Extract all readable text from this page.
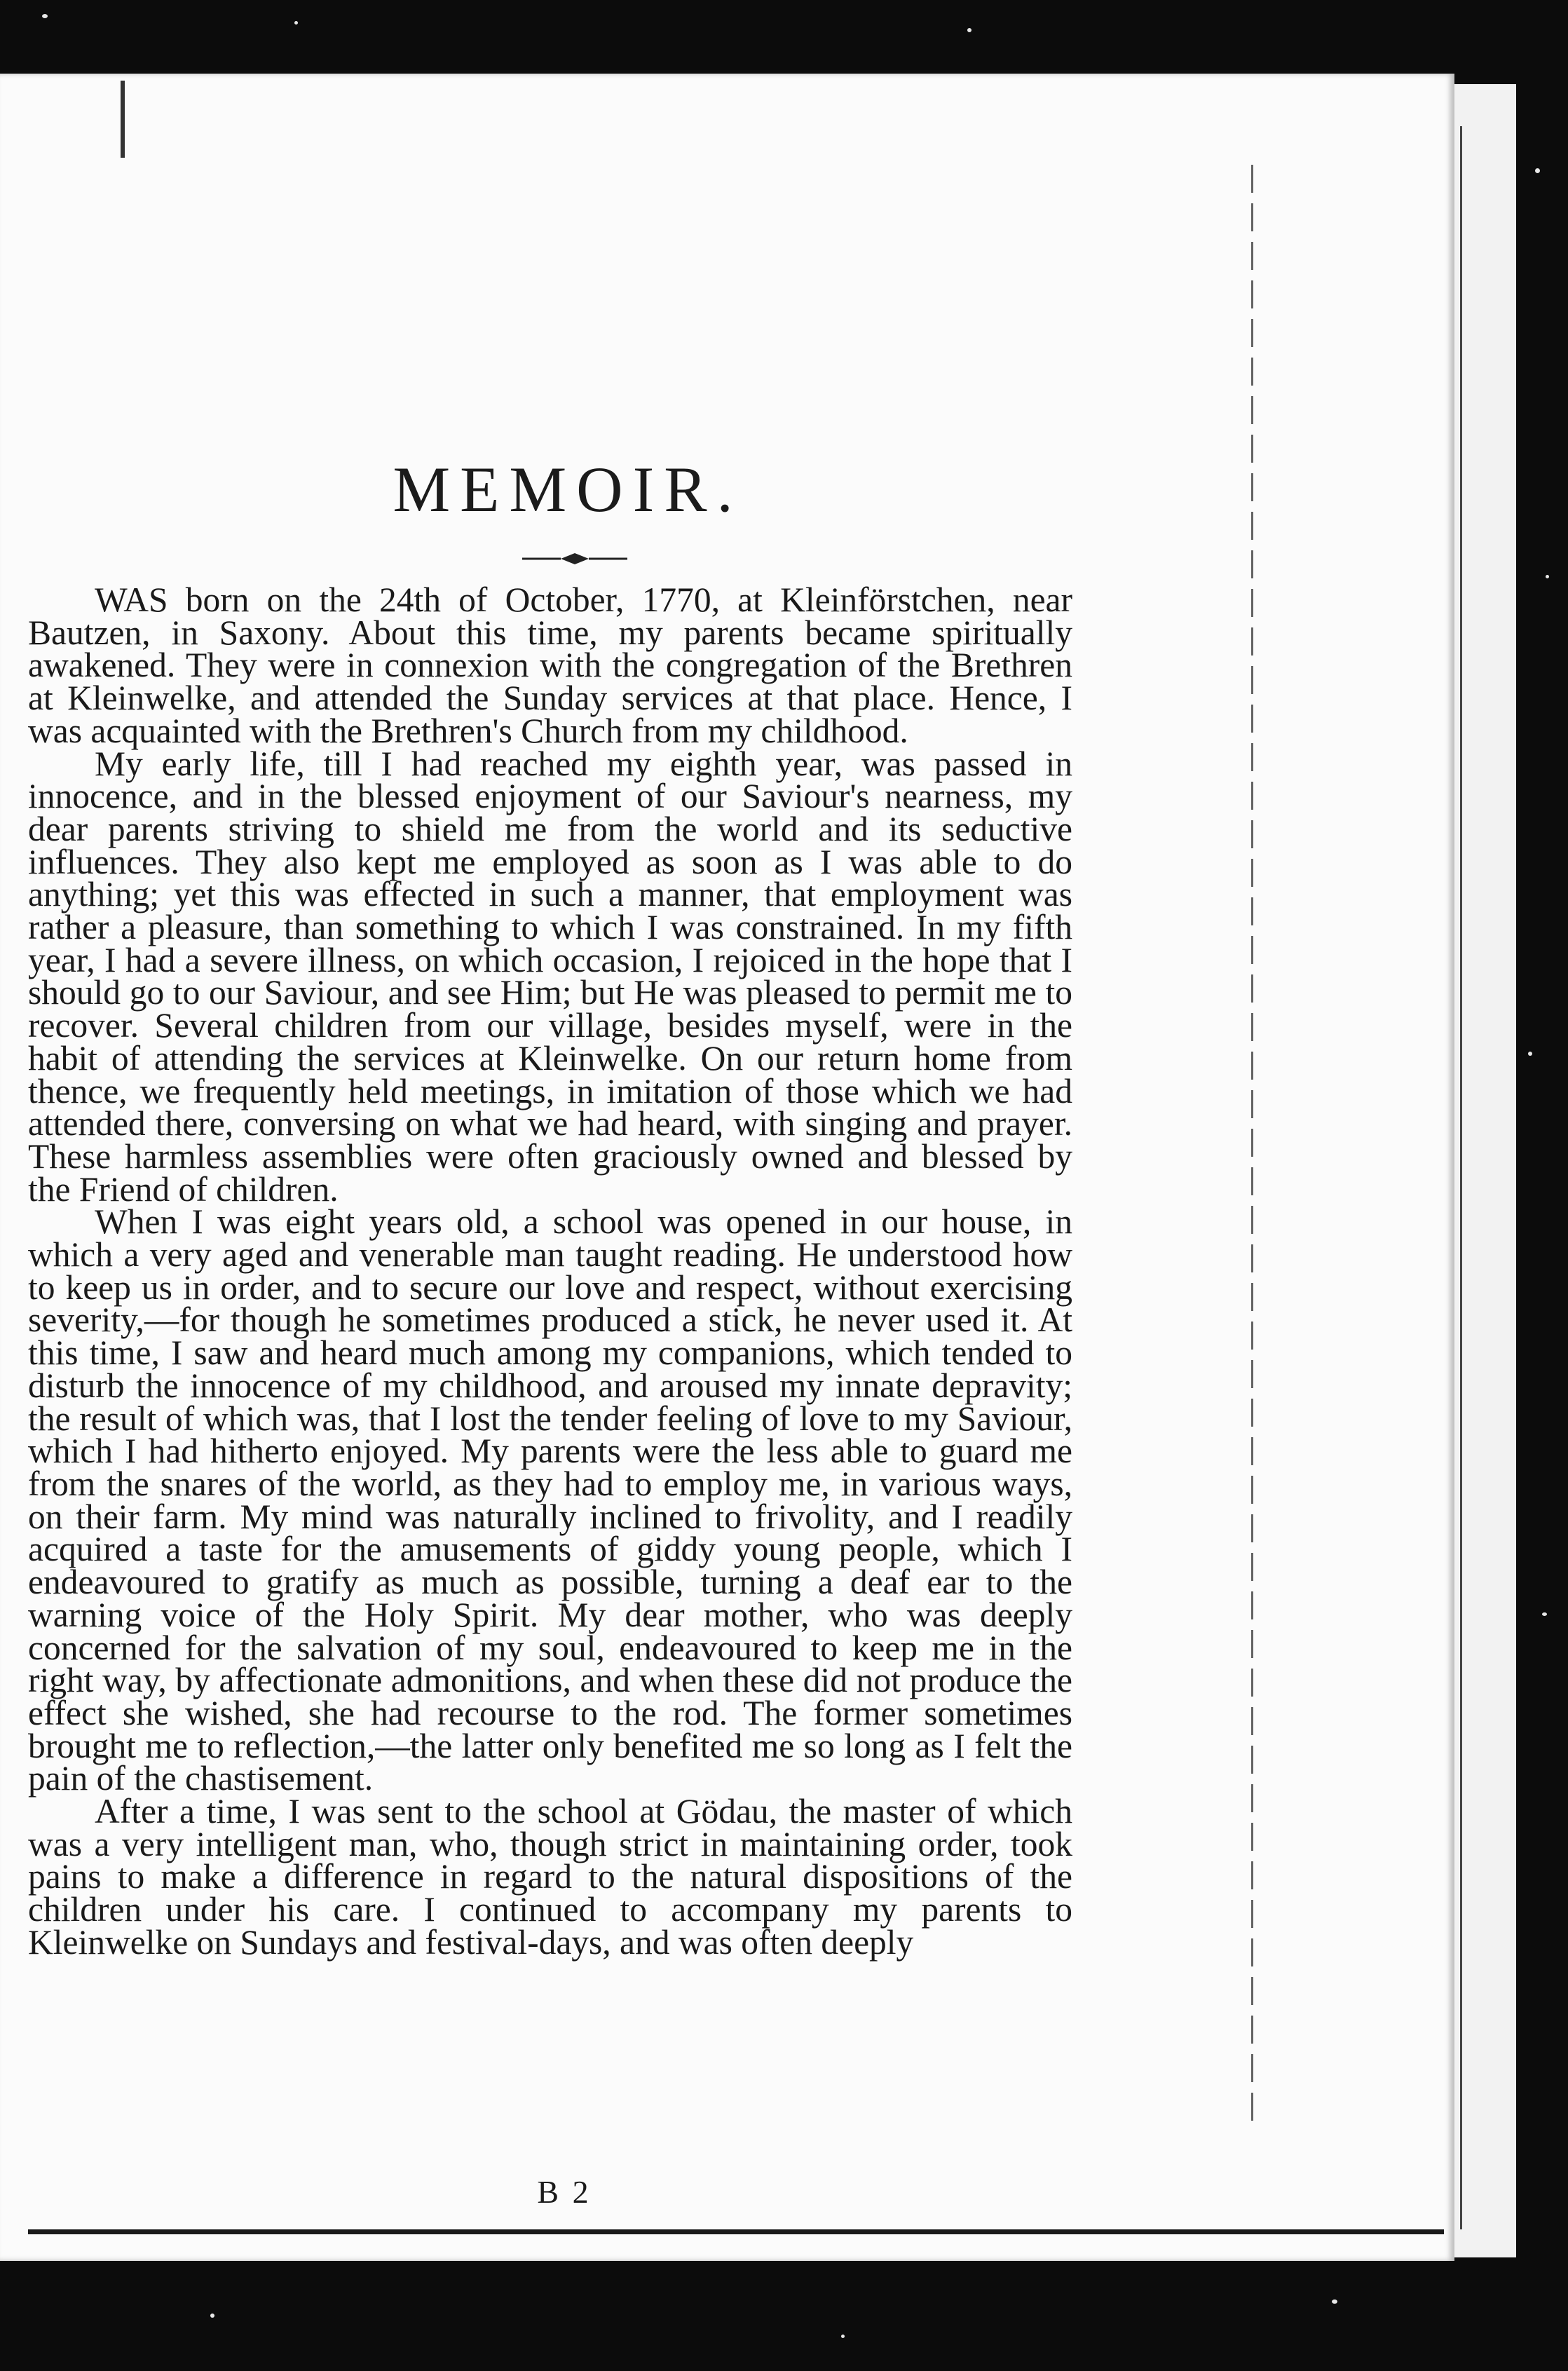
MEMOIR.

WAS born on the 24th of October, 1770, at Kleinförstchen, near Bautzen, in Saxony. About this time, my parents became spiritually awakened. They were in connexion with the congregation of the Brethren at Kleinwelke, and attended the Sunday services at that place. Hence, I was acquainted with the Brethren's Church from my childhood.

My early life, till I had reached my eighth year, was passed in innocence, and in the blessed enjoyment of our Saviour's nearness, my dear parents striving to shield me from the world and its seductive influences. They also kept me employed as soon as I was able to do anything; yet this was effected in such a manner, that employment was rather a pleasure, than something to which I was constrained. In my fifth year, I had a severe illness, on which occasion, I rejoiced in the hope that I should go to our Saviour, and see Him; but He was pleased to permit me to recover. Several children from our village, besides myself, were in the habit of attending the services at Kleinwelke. On our return home from thence, we frequently held meetings, in imitation of those which we had attended there, conversing on what we had heard, with singing and prayer. These harmless assemblies were often graciously owned and blessed by the Friend of children.

When I was eight years old, a school was opened in our house, in which a very aged and venerable man taught reading. He understood how to keep us in order, and to secure our love and respect, without exercising severity,—for though he sometimes produced a stick, he never used it. At this time, I saw and heard much among my companions, which tended to disturb the innocence of my childhood, and aroused my innate depravity; the result of which was, that I lost the tender feeling of love to my Saviour, which I had hitherto enjoyed. My parents were the less able to guard me from the snares of the world, as they had to employ me, in various ways, on their farm. My mind was naturally inclined to frivolity, and I readily acquired a taste for the amusements of giddy young people, which I endeavoured to gratify as much as possible, turning a deaf ear to the warning voice of the Holy Spirit. My dear mother, who was deeply concerned for the salvation of my soul, endeavoured to keep me in the right way, by affectionate admonitions, and when these did not produce the effect she wished, she had recourse to the rod. The former sometimes brought me to reflection,—the latter only benefited me so long as I felt the pain of the chastisement.

After a time, I was sent to the school at Gödau, the master of which was a very intelligent man, who, though strict in maintaining order, took pains to make a difference in regard to the natural dispositions of the children under his care. I continued to accompany my parents to Kleinwelke on Sundays and festival-days, and was often deeply

B 2
